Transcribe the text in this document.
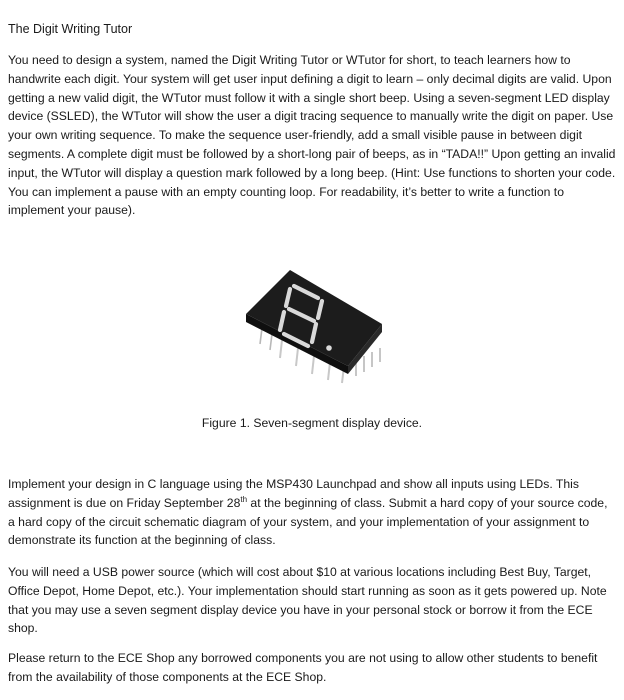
The Digit Writing Tutor

You need to design a system, named the Digit Writing Tutor or WTutor for short, to teach learners how to handwrite each digit. Your system will get user input defining a digit to learn – only decimal digits are valid. Upon getting a new valid digit, the WTutor must follow it with a single short beep. Using a seven-segment LED display device (SSLED), the WTutor will show the user a digit tracing sequence to manually write the digit on paper. Use your own writing sequence. To make the sequence user-friendly, add a small visible pause in between digit segments. A complete digit must be followed by a short-long pair of beeps, as in “TADA!!” Upon getting an invalid input, the WTutor will display a question mark followed by a long beep. (Hint: Use functions to shorten your code. You can implement a pause with an empty counting loop. For readability, it’s better to write a function to implement your pause).

Figure 1. Seven-segment display device.

Implement your design in C language using the MSP430 Launchpad and show all inputs using LEDs. This assignment is due on Friday September 28th at the beginning of class. Submit a hard copy of your source code, a hard copy of the circuit schematic diagram of your system, and your implementation of your assignment to demonstrate its function at the beginning of class.

You will need a USB power source (which will cost about $10 at various locations including Best Buy, Target, Office Depot, Home Depot, etc.). Your implementation should start running as soon as it gets powered up. Note that you may use a seven segment display device you have in your personal stock or borrow it from the ECE shop.

Please return to the ECE Shop any borrowed components you are not using to allow other students to benefit from the availability of those components at the ECE Shop.
